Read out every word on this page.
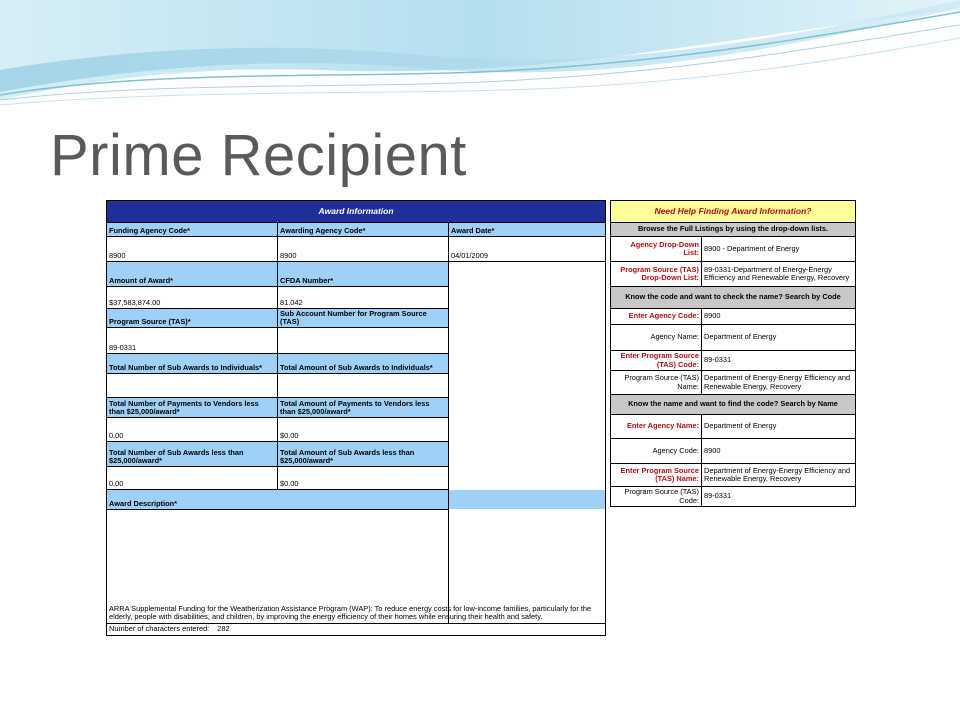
Prime Recipient
Award Information		
Funding Agency Code*	Awarding Agency Code*	Award Date*
8900	8900	04/01/2009
Amount of Award*	CFDA Number*	
$37,583,874.00	81.042	
Program Source (TAS)*	Sub Account Number for Program Source (TAS)	
89-0331		
Total Number of Sub Awards to Individuals*	Total Amount of Sub Awards to Individuals*	

Total Number of Payments to Vendors less than $25,000/award*	Total Amount of Payments to Vendors less than $25,000/award*	
0.00	$0.00	
Total Number of Sub Awards less than $25,000/award*	Total Amount of Sub Awards less than $25,000/award*	
0.00	$0.00	
Award Description*		
ARRA Supplemental Funding for the Weatherization Assistance Program (WAP): To reduce energy costs for low-income families, particularly for the elderly, people with disabilities, and children, by improving the energy efficiency of their homes while ensuring their health and safety.		
Number of characters entered: 282		
Need Help Finding Award Information?	
Browse the Full Listings by using the drop-down lists.	
Agency Drop-Down List:	8900 - Department of Energy
Program Source (TAS) Drop-Down List:	89-0331-Department of Energy-Energy Efficiency and Renewable Energy, Recovery
Know the code and want to check the name? Search by Code	
Enter Agency Code:	8900
Agency Name:	Department of Energy
Enter Program Source (TAS) Code:	89-0331
Program Source (TAS) Name:	Department of Energy-Energy Efficiency and Renewable Energy, Recovery
Know the name and want to find the code? Search by Name	
Enter Agency Name:	Department of Energy
Agency Code:	8900
Enter Program Source (TAS) Name:	Department of Energy-Energy Efficiency and Renewable Energy, Recovery
Program Source (TAS) Code:	89-0331
